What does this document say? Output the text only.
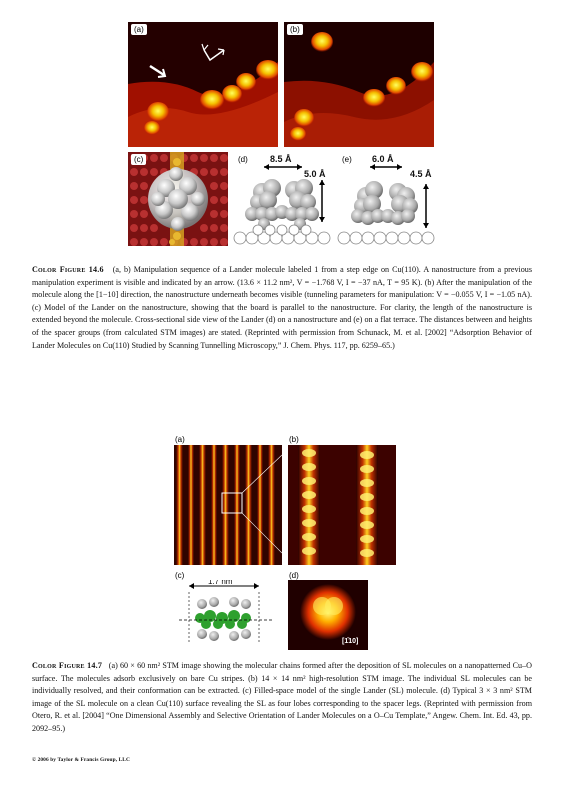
(a)	(b)
(c)	(d)	8.5 Å
5.0 Å
(e)	6.0 Å
4.5 Å
Color Figure 14.6 (a, b) Manipulation sequence of a Lander molecule labeled 1 from a step edge on Cu(110). A nanostructure from a previous manipulation experiment is visible and indicated by an arrow. (13.6 × 11.2 nm², V = −1.768 V, I = −37 nA, T = 95 K). (b) After the manipulation of the molecule along the [1−10] direction, the nanostructure underneath becomes visible (tunneling parameters for manipulation: V = −0.055 V, I = −1.05 nA). (c) Model of the Lander on the nanostructure, showing that the board is parallel to the nanostructure. For clarity, the length of the nanostructure is extended beyond the molecule. Cross-sectional side view of the Lander (d) on a nanostructure and (e) on a flat terrace. The distances between and heights of the spacer groups (from calculated STM images) are stated. (Reprinted with permission from Schunack, M. et al. [2002] “Adsorption Behavior of Lander Molecules on Cu(110) Studied by Scanning Tunnelling Microscopy,” J. Chem. Phys. 117, pp. 6259–65.)
(a)	(b)
1.7 nm
(c)
[1̄10]
(d)
Color Figure 14.7 (a) 60 × 60 nm² STM image showing the molecular chains formed after the deposition of SL molecules on a nanopatterned Cu–O surface. The molecules adsorb exclusively on bare Cu stripes. (b) 14 × 14 nm² high-resolution STM image. The individual SL molecules can be individually resolved, and their conformation can be extracted. (c) Filled-space model of the single Lander (SL) molecule. (d) Typical 3 × 3 nm² STM image of the SL molecule on a clean Cu(110) surface revealing the SL as four lobes corresponding to the spacer legs. (Reprinted with permission from Otero, R. et al. [2004] “One Dimensional Assembly and Selective Orientation of Lander Molecules on a O–Cu Template,” Angew. Chem. Int. Ed. 43, pp. 2092–95.)
© 2006 by Taylor & Francis Group, LLC
